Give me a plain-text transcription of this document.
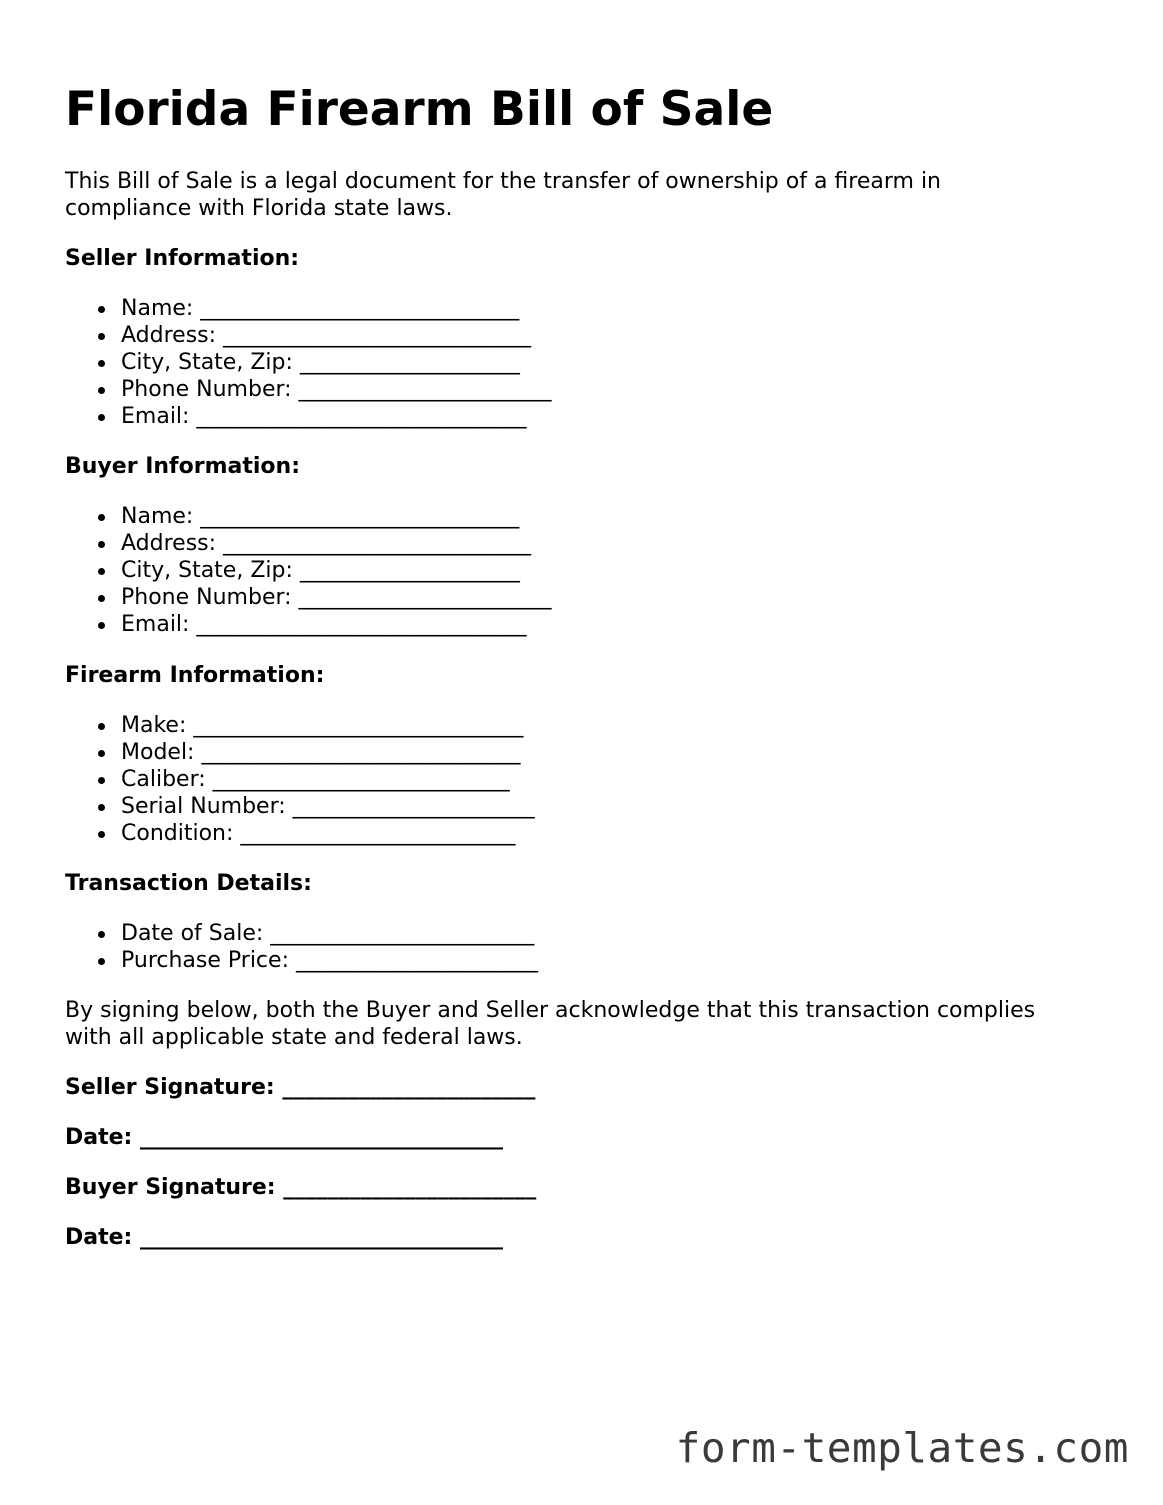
Florida Firearm Bill of Sale

This Bill of Sale is a legal document for the transfer of ownership of a firearm in compliance with Florida state laws.

Seller Information:

Name: _____________________________
Address: ____________________________
City, State, Zip: ____________________
Phone Number: _______________________
Email: ______________________________

Buyer Information:

Name: _____________________________
Address: ____________________________
City, State, Zip: ____________________
Phone Number: _______________________
Email: ______________________________

Firearm Information:

Make: ______________________________
Model: _____________________________
Caliber: ___________________________
Serial Number: ______________________
Condition: _________________________

Transaction Details:

Date of Sale: ________________________
Purchase Price: ______________________

By signing below, both the Buyer and Seller acknowledge that this transaction complies with all applicable state and federal laws.

Seller Signature: _______________________

Date: _________________________________

Buyer Signature: _______________________

Date: _________________________________

form-templates.com
